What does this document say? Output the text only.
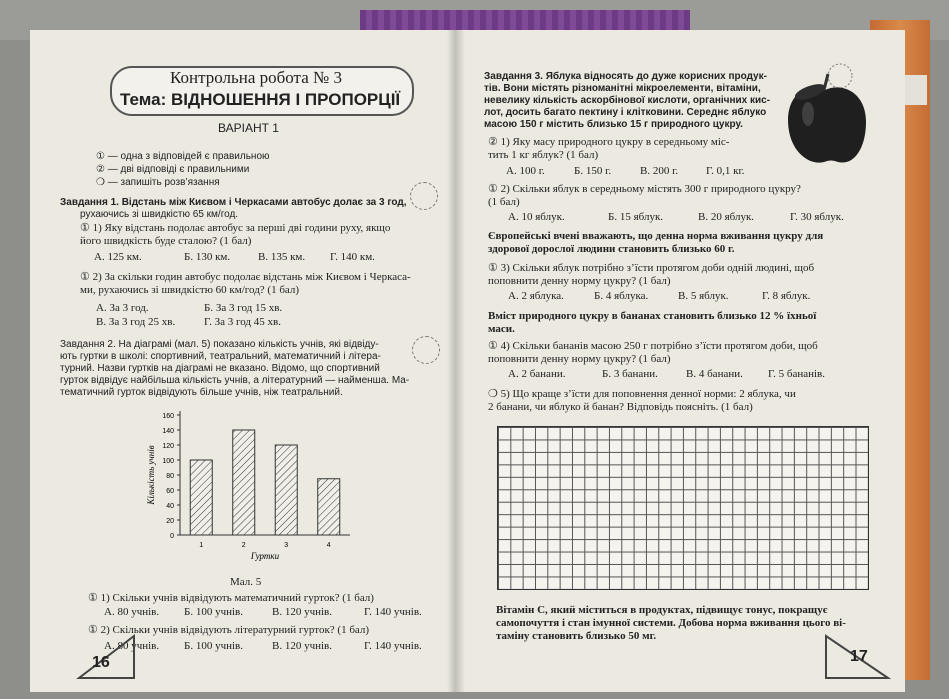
Контрольна робота № 3
Тема: ВІДНОШЕННЯ І ПРОПОРЦІЇ
ВАРІАНТ 1
① — одна з відповідей є правильною
② — дві відповіді є правильними
❍ — запишіть розв’язання
Завдання 1. Відстань між Києвом і Черкасами автобус долає за 3 год,
рухаючись зі швидкістю 65 км/год.
① 1) Яку відстань подолає автобус за перші дві години руху, якщо
його швидкість буде сталою? (1 бал)
А. 125 км.	Б. 130 км.	В. 135 км. Г. 140 км.
① 2) За скільки годин автобус подолає відстань між Києвом і Черкаса-
ми, рухаючись зі швидкістю 60 км/год? (1 бал)
А. За 3 год.	Б. За 3 год 15 хв.
В. За 3 год 25 хв.	Г. За 3 год 45 хв.
Завдання 2. На діаграмі (мал. 5) показано кількість учнів, які відвіду-
ють гуртки в школі: спортивний, театральний, математичний і літера-
турний. Назви гуртків на діаграмі не вказано. Відомо, що спортивний
гурток відвідує найбільша кількість учнів, а літературний — найменша. Ма-
тематичний гурток відвідують більше учнів, ніж театральний.
0
20
40
60
80
100
120
140
160
1	2	3	4
Гуртки
Кількість учнів
Мал. 5
① 1) Скільки учнів відвідують математичний гурток? (1 бал)
А. 80 учнів. Б. 100 учнів.	В. 120 учнів.	Г. 140 учнів.
① 2) Скільки учнів відвідують літературний гурток? (1 бал)
А. 80 учнів. Б. 100 учнів.	В. 120 учнів.	Г. 140 учнів.
16
Завдання 3. Яблука відносять до дуже корисних продук-
тів. Вони містять різноманітні мікроелементи, вітаміни,
невелику кількість аскорбінової кислоти, органічних кис-
лот, досить багато пектину і клітковини. Середнє яблуко
масою 150 г містить близько 15 г природного цукру.
② 1) Яку масу природного цукру в середньому міс-
тить 1 кг яблук? (1 бал)
А. 100 г.	Б. 150 г.	В. 200 г.	Г. 0,1 кг.
① 2) Скільки яблук в середньому містять 300 г природного цукру?
(1 бал)
А. 10 яблук.	Б. 15 яблук.	В. 20 яблук.	Г. 30 яблук.
Європейські вчені вважають, що денна норма вживання цукру для
здорової дорослої людини становить близько 60 г.
① 3) Скільки яблук потрібно з’їсти протягом доби одній людині, щоб
поповнити денну норму цукру? (1 бал)
А. 2 яблука.	Б. 4 яблука.	В. 5 яблук.	Г. 8 яблук.
Вміст природного цукру в бананах становить близько 12 % їхньої
маси.
① 4) Скільки бананів масою 250 г потрібно з’їсти протягом доби, щоб
поповнити денну норму цукру? (1 бал)
А. 2 банани.	Б. 3 банани.	В. 4 банани. Г. 5 бананів.
❍ 5) Що краще з’їсти для поповнення денної норми: 2 яблука, чи
2 банани, чи яблуко й банан? Відповідь поясніть. (1 бал)
Вітамін С, який міститься в продуктах, підвищує тонус, покращує
самопочуття і стан імунної системи. Добова норма вживання цього ві-
таміну становить близько 50 мг.
17
